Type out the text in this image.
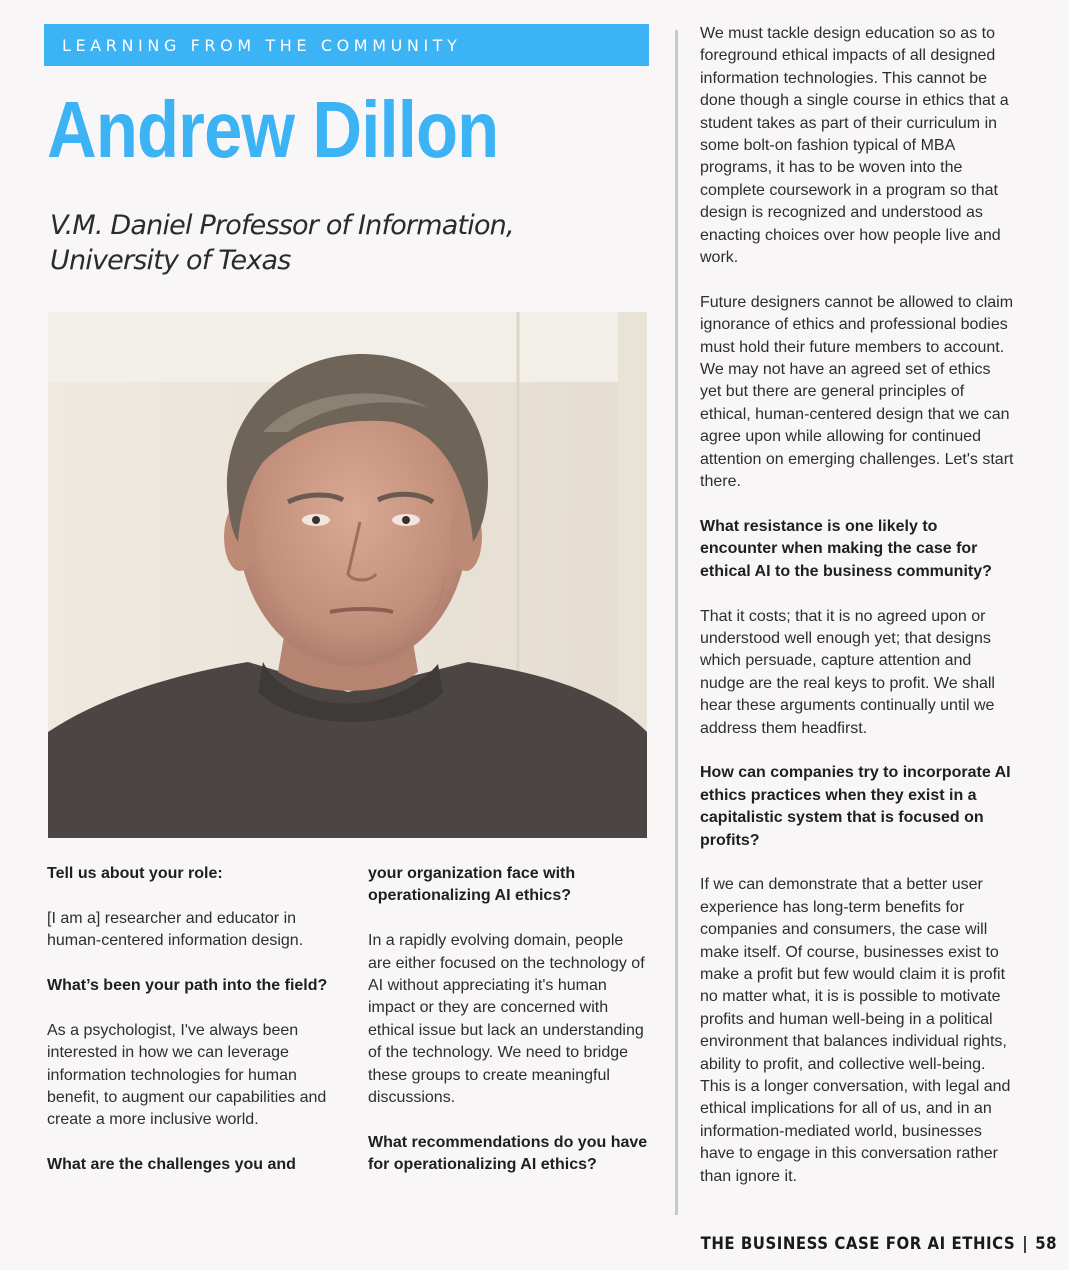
LEARNING FROM THE COMMUNITY
Andrew Dillon
V.M. Daniel Professor of Information,
University of Texas

Tell us about your role:

[I am a] researcher and educator in human-centered information design.

What’s been your path into the field?

As a psychologist, I've always been interested in how we can leverage information technologies for human benefit, to augment our capabilities and create a more inclusive world.

What are the challenges you and

your organization face with operationalizing AI ethics?

In a rapidly evolving domain, people are either focused on the technology of AI without appreciating it's human impact or they are concerned with ethical issue but lack an understanding of the technology. We need to bridge these groups to create meaningful discussions.

What recommendations do you have for operationalizing AI ethics?

We must tackle design education so as to foreground ethical impacts of all designed information technologies. This cannot be done though a single course in ethics that a student takes as part of their curriculum in some bolt-on fashion typical of MBA programs, it has to be woven into the complete coursework in a program so that design is recognized and understood as enacting choices over how people live and work.

Future designers cannot be allowed to claim ignorance of ethics and professional bodies must hold their future members to account. We may not have an agreed set of ethics yet but there are general principles of ethical, human-centered design that we can agree upon while allowing for continued attention on emerging challenges. Let's start there.

What resistance is one likely to encounter when making the case for ethical AI to the business community?

That it costs; that it is no agreed upon or understood well enough yet; that designs which persuade, capture attention and nudge are the real keys to profit. We shall hear these arguments continually until we address them headfirst.

How can companies try to incorporate AI ethics practices when they exist in a capitalistic system that is focused on profits?

If we can demonstrate that a better user experience has long-term benefits for companies and consumers, the case will make itself. Of course, businesses exist to make a profit but few would claim it is profit no matter what, it is is possible to motivate profits and human well-being in a political environment that balances individual rights, ability to profit, and collective well-being. This is a longer conversation, with legal and ethical implications for all of us, and in an information-mediated world, businesses have to engage in this conversation rather than ignore it.

THE BUSINESS CASE FOR AI ETHICS | 58
